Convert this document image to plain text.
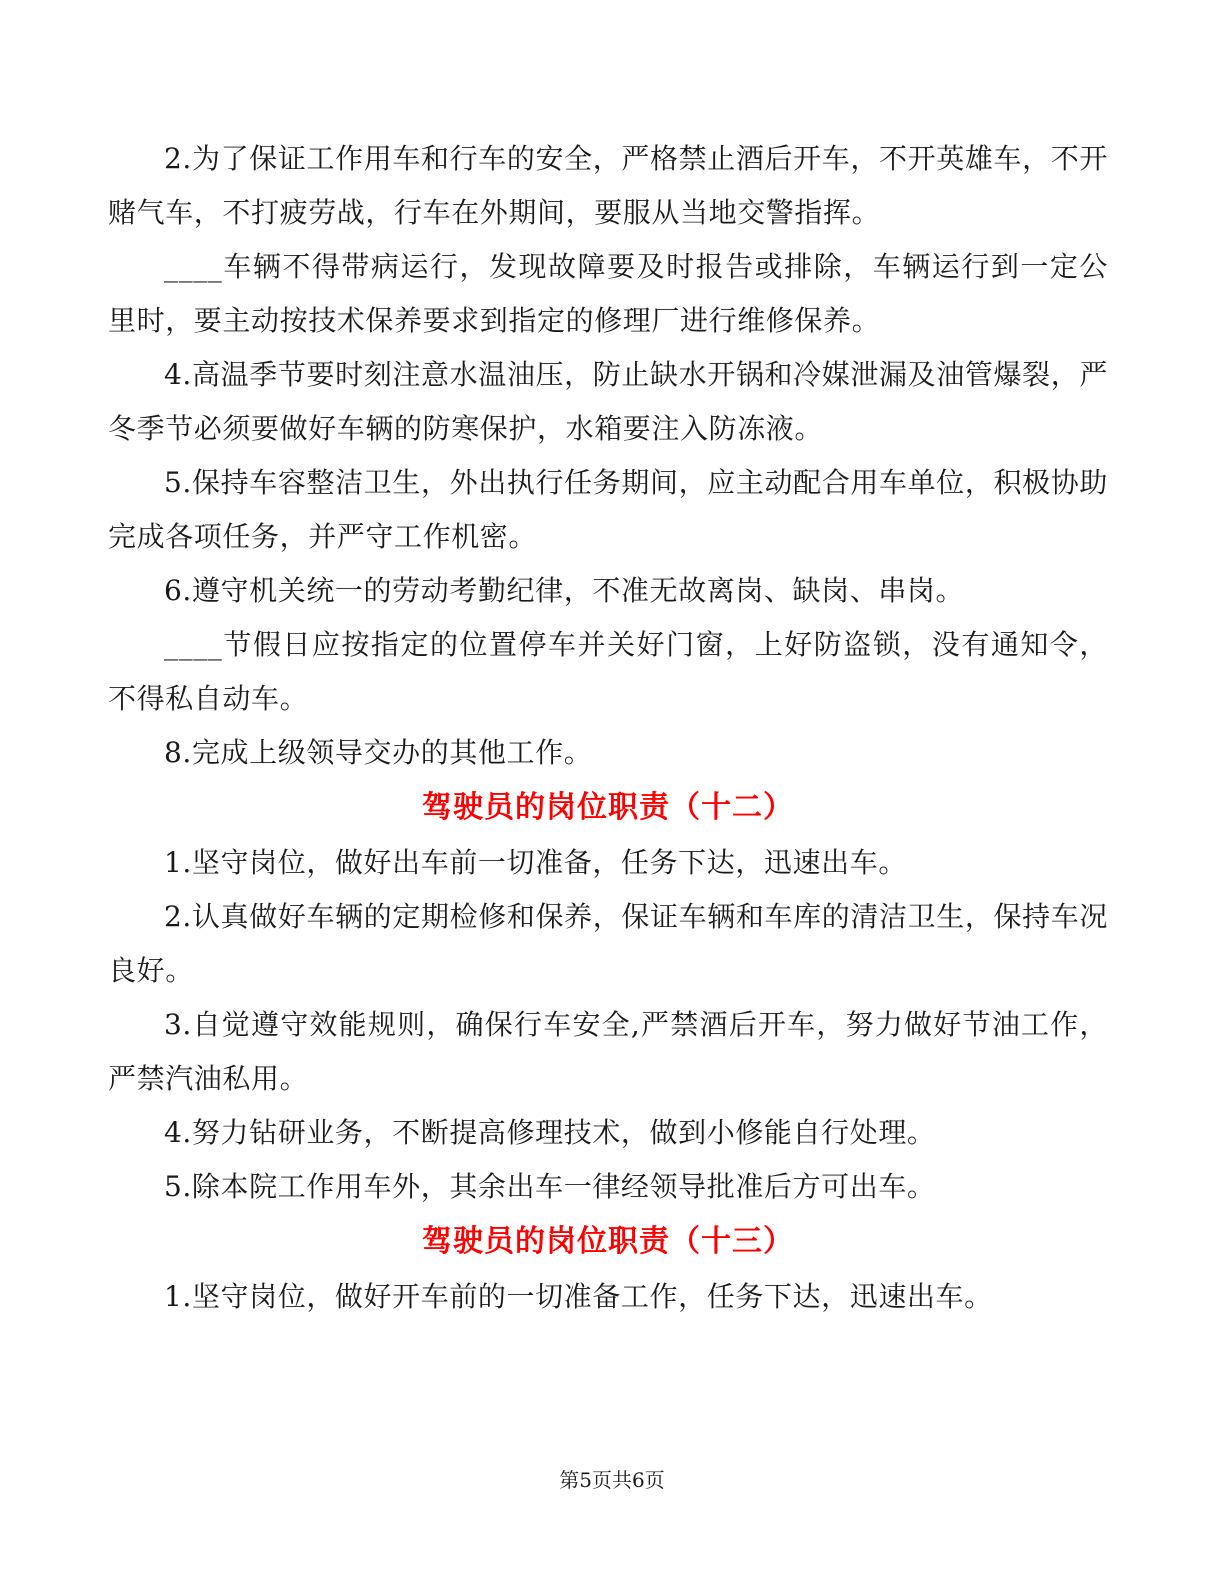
2.为了保证工作用车和行车的安全，严格禁止酒后开车，不开英雄车，不开赌气车，不打疲劳战，行车在外期间，要服从当地交警指挥。

____车辆不得带病运行，发现故障要及时报告或排除，车辆运行到一定公里时，要主动按技术保养要求到指定的修理厂进行维修保养。

4.高温季节要时刻注意水温油压，防止缺水开锅和冷媒泄漏及油管爆裂，严冬季节必须要做好车辆的防寒保护，水箱要注入防冻液。

5.保持车容整洁卫生，外出执行任务期间，应主动配合用车单位，积极协助完成各项任务，并严守工作机密。

6.遵守机关统一的劳动考勤纪律，不准无故离岗、缺岗、串岗。

____节假日应按指定的位置停车并关好门窗，上好防盗锁，没有通知令，不得私自动车。

8.完成上级领导交办的其他工作。

驾驶员的岗位职责（十二）

1.坚守岗位，做好出车前一切准备，任务下达，迅速出车。

2.认真做好车辆的定期检修和保养，保证车辆和车库的清洁卫生，保持车况良好。

3.自觉遵守效能规则，确保行车安全,严禁酒后开车，努力做好节油工作，严禁汽油私用。

4.努力钻研业务，不断提高修理技术，做到小修能自行处理。

5.除本院工作用车外，其余出车一律经领导批准后方可出车。

驾驶员的岗位职责（十三）

1.坚守岗位，做好开车前的一切准备工作，任务下达，迅速出车。

第5页共6页
